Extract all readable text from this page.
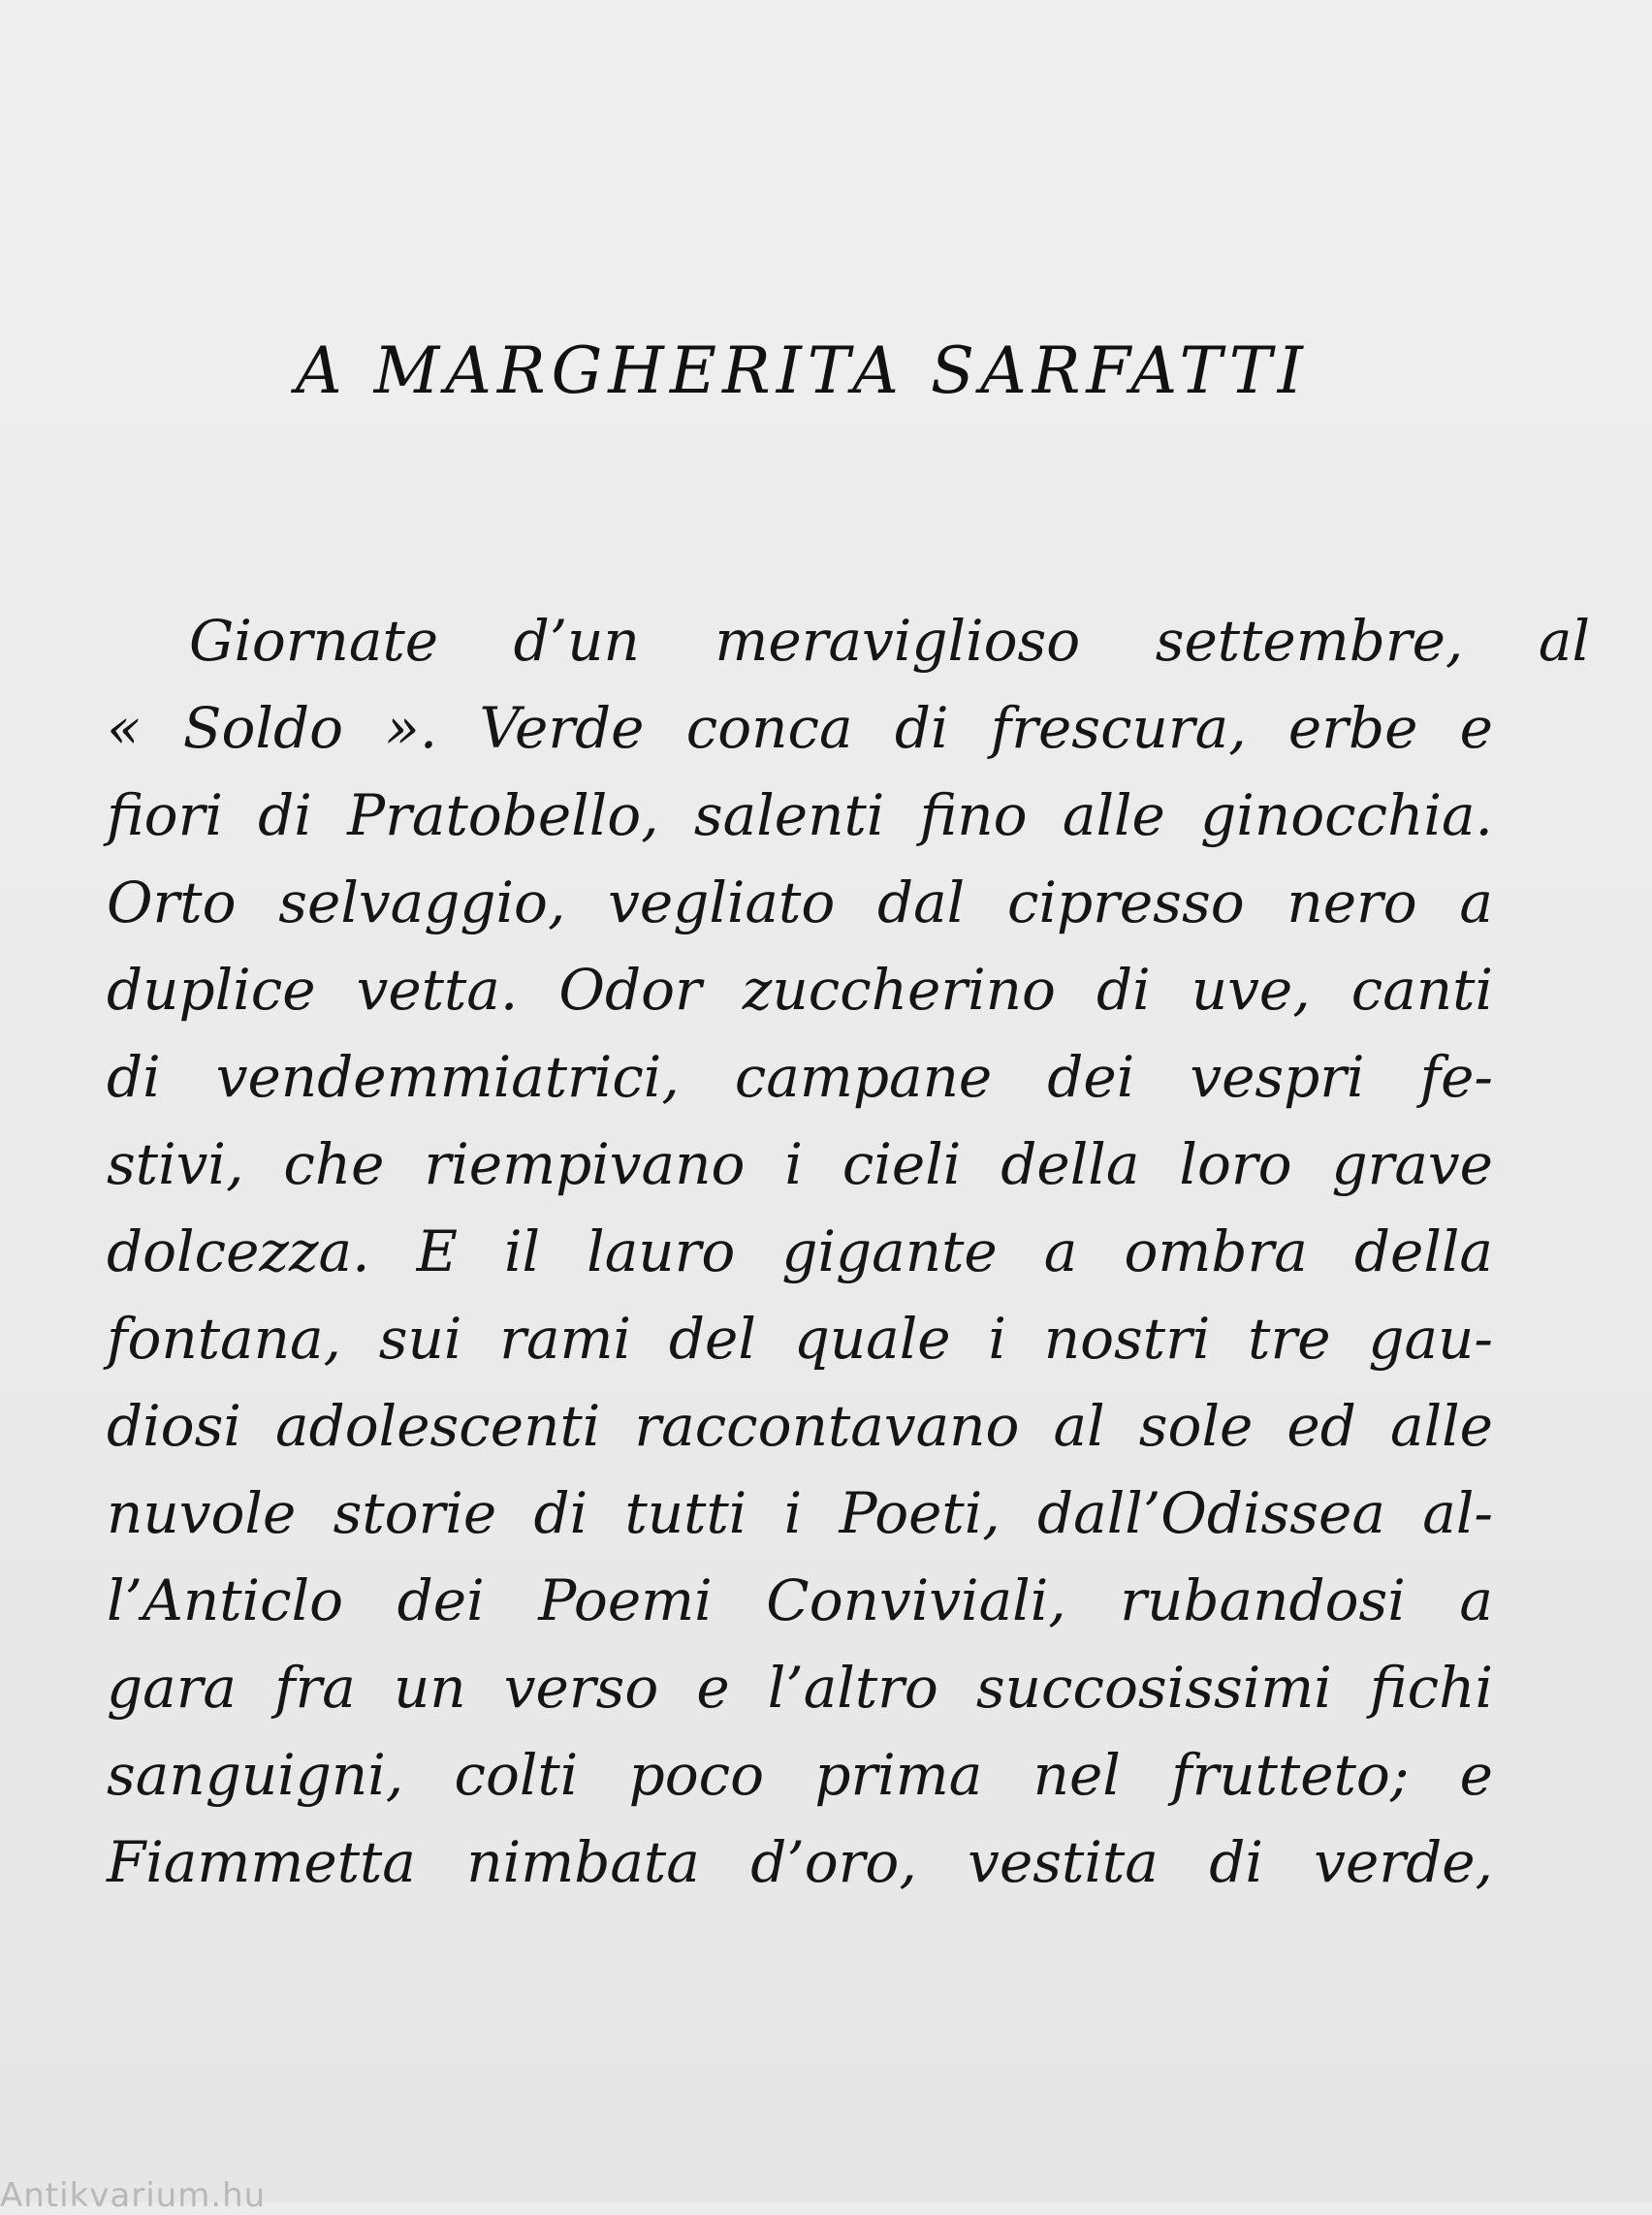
A MARGHERITA SARFATTI
Giornate d’un meraviglioso settembre, al
« Soldo ». Verde conca di frescura, erbe e
fiori di Pratobello, salenti fino alle ginocchia.
Orto selvaggio, vegliato dal cipresso nero a
duplice vetta. Odor zuccherino di uve, canti
di vendemmiatrici, campane dei vespri fe-
stivi, che riempivano i cieli della loro grave
dolcezza. E il lauro gigante a ombra della
fontana, sui rami del quale i nostri tre gau-
diosi adolescenti raccontavano al sole ed alle
nuvole storie di tutti i Poeti, dall’Odissea al-
l’Anticlo dei Poemi Conviviali, rubandosi a
gara fra un verso e l’altro succosissimi fichi
sanguigni, colti poco prima nel frutteto; e
Fiammetta nimbata d’oro, vestita di verde,
Antikvarium.hu
